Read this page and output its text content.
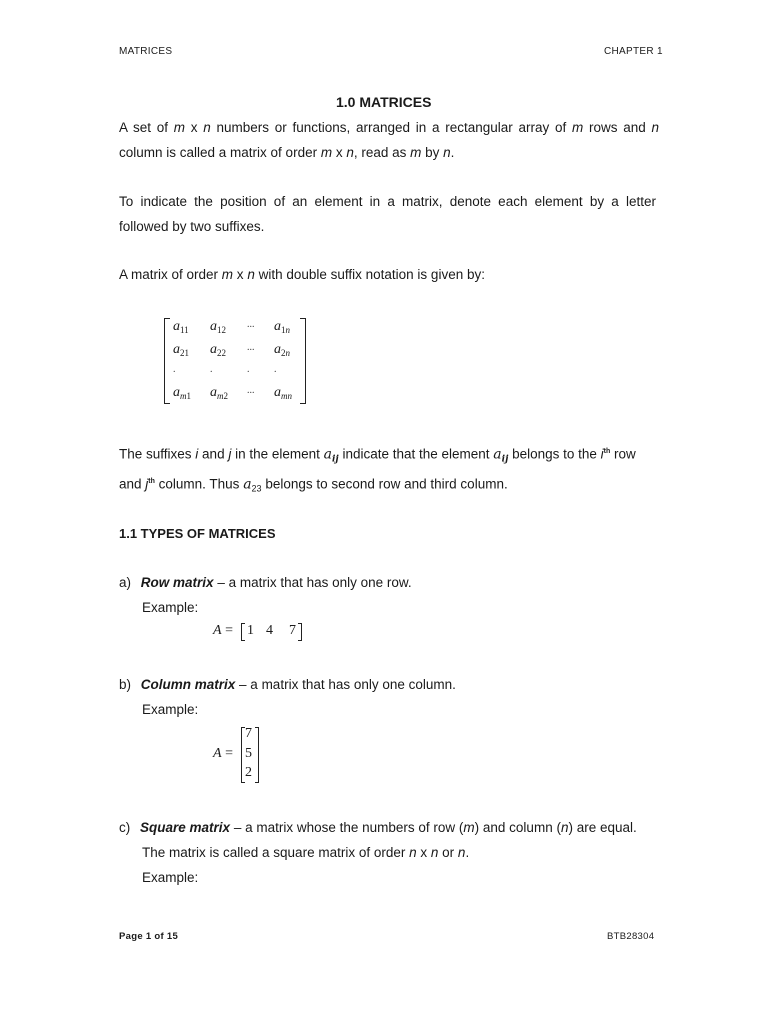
MATRICES	CHAPTER 1
1.0 MATRICES
A set of m x n numbers or functions, arranged in a rectangular array of m rows and n
column is called a matrix of order m x n, read as m by n.
To indicate the position of an element in a matrix, denote each element by a letter
followed by two suffixes.
A matrix of order m x n with double suffix notation is given by:
$a_{11}$ $a_{12}$ ... $a_{1n}$
$a_{21}$ $a_{22}$ ... $a_{2n}$
.	.	. .
$a_{m1}$ $a_{m2}$ ... $a_{mn}$
The suffixes i and j in the element $a_{ij}$ indicate that the element $a_{ij}$ belongs to the $i^{th}$ row
and $j^{th}$ column. Thus $a_{23}$ belongs to second row and third column.
1.1 TYPES OF MATRICES
a) Row matrix – a matrix that has only one row.
Example:
A = 1 4 7
b) Column matrix – a matrix that has only one column.
Example:
A =
7
5
2
c) Square matrix – a matrix whose the numbers of row (m) and column (n) are equal.
The matrix is called a square matrix of order n x n or n.
Example:
Page 1 of 15	BTB28304
